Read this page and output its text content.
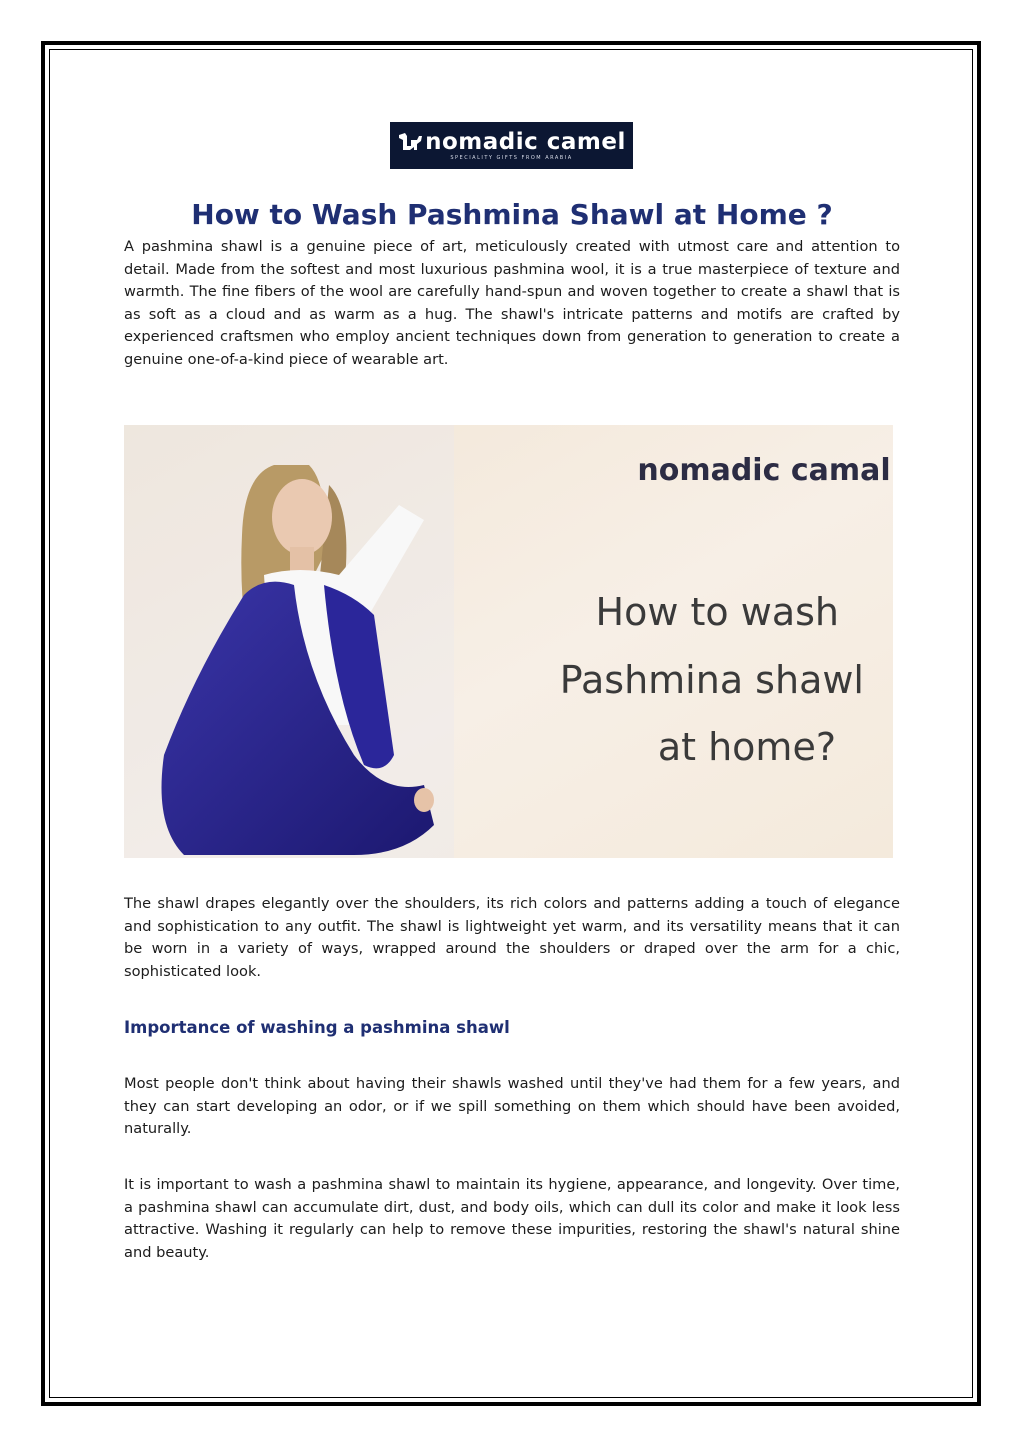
nomadic camel
SPECIALITY GIFTS FROM ARABIA
How to Wash Pashmina Shawl at Home ?

A pashmina shawl is a genuine piece of art, meticulously created with utmost care and attention to detail. Made from the softest and most luxurious pashmina wool, it is a true masterpiece of texture and warmth. The fine fibers of the wool are carefully hand-spun and woven together to create a shawl that is as soft as a cloud and as warm as a hug. The shawl's intricate patterns and motifs are crafted by experienced craftsmen who employ ancient techniques down from generation to generation to create a genuine one-of-a-kind piece of wearable art.

nomadic camal
How to wash
Pashmina shawl
at home?

The shawl drapes elegantly over the shoulders, its rich colors and patterns adding a touch of elegance and sophistication to any outfit. The shawl is lightweight yet warm, and its versatility means that it can be worn in a variety of ways, wrapped around the shoulders or draped over the arm for a chic, sophisticated look.

Importance of washing a pashmina shawl

Most people don't think about having their shawls washed until they've had them for a few years, and they can start developing an odor, or if we spill something on them which should have been avoided, naturally.

It is important to wash a pashmina shawl to maintain its hygiene, appearance, and longevity. Over time, a pashmina shawl can accumulate dirt, dust, and body oils, which can dull its color and make it look less attractive. Washing it regularly can help to remove these impurities, restoring the shawl's natural shine and beauty.
